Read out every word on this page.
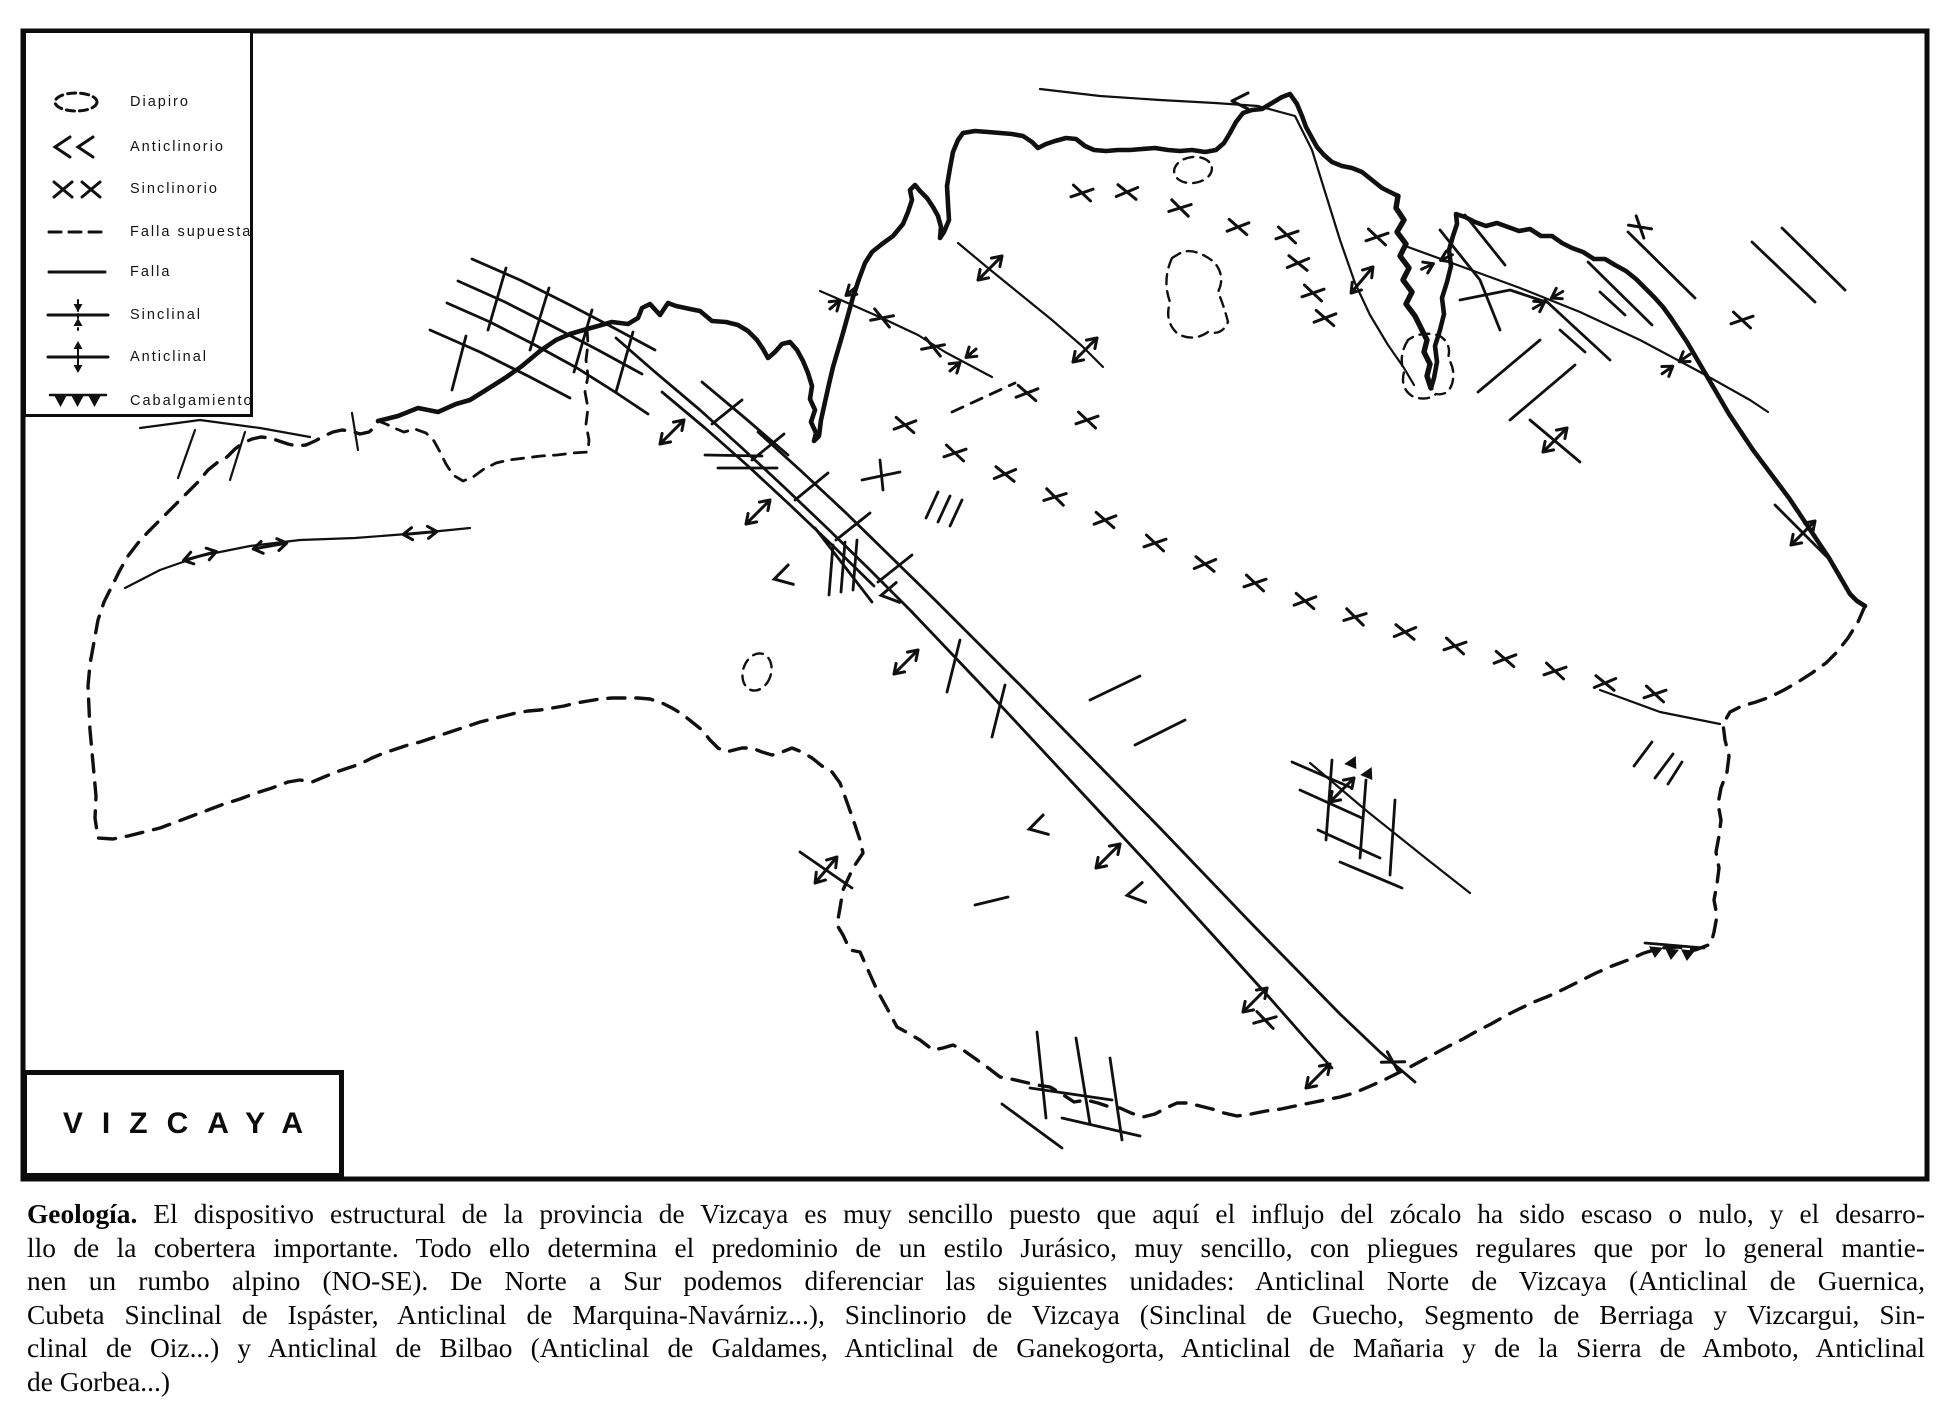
Diapiro
Anticlinorio
Sinclinorio
Falla supuesta
Falla
Sinclinal
Anticlinal
Cabalgamiento
VIZCAYA
Geología. El dispositivo estructural de la provincia de Vizcaya es muy sencillo puesto que aquí el influjo del zócalo ha sido escaso o nulo, y el desarro-
llo de la cobertera importante. Todo ello determina el predominio de un estilo Jurásico, muy sencillo, con pliegues regulares que por lo general mantie-
nen un rumbo alpino (NO-SE). De Norte a Sur podemos diferenciar las siguientes unidades: Anticlinal Norte de Vizcaya (Anticlinal de Guernica,
Cubeta Sinclinal de Ispáster, Anticlinal de Marquina-Navárniz...), Sinclinorio de Vizcaya (Sinclinal de Guecho, Segmento de Berriaga y Vizcargui, Sin-
clinal de Oiz...) y Anticlinal de Bilbao (Anticlinal de Galdames, Anticlinal de Ganekogorta, Anticlinal de Mañaria y de la Sierra de Amboto, Anticlinal
de Gorbea...)
